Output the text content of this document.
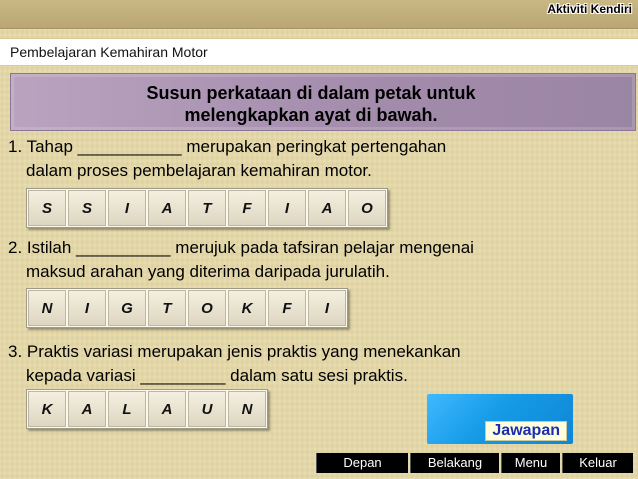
Aktiviti Kendiri
Pembelajaran Kemahiran Motor
Susun perkataan di dalam petak untuk
melengkapkan ayat di bawah.
1. Tahap ___________ merupakan peringkat pertengahan
dalam proses pembelajaran kemahiran motor.
S	S	I	A	T	F	I	A	O
2. Istilah __________ merujuk pada tafsiran pelajar mengenai
maksud arahan yang diterima daripada jurulatih.
N	I	G	T	O	K	F	I
3. Praktis variasi merupakan jenis praktis yang menekankan
kepada variasi _________ dalam satu sesi praktis.
K	A	L	A	U	N
Jawapan
Depan	Belakang	Menu	Keluar
